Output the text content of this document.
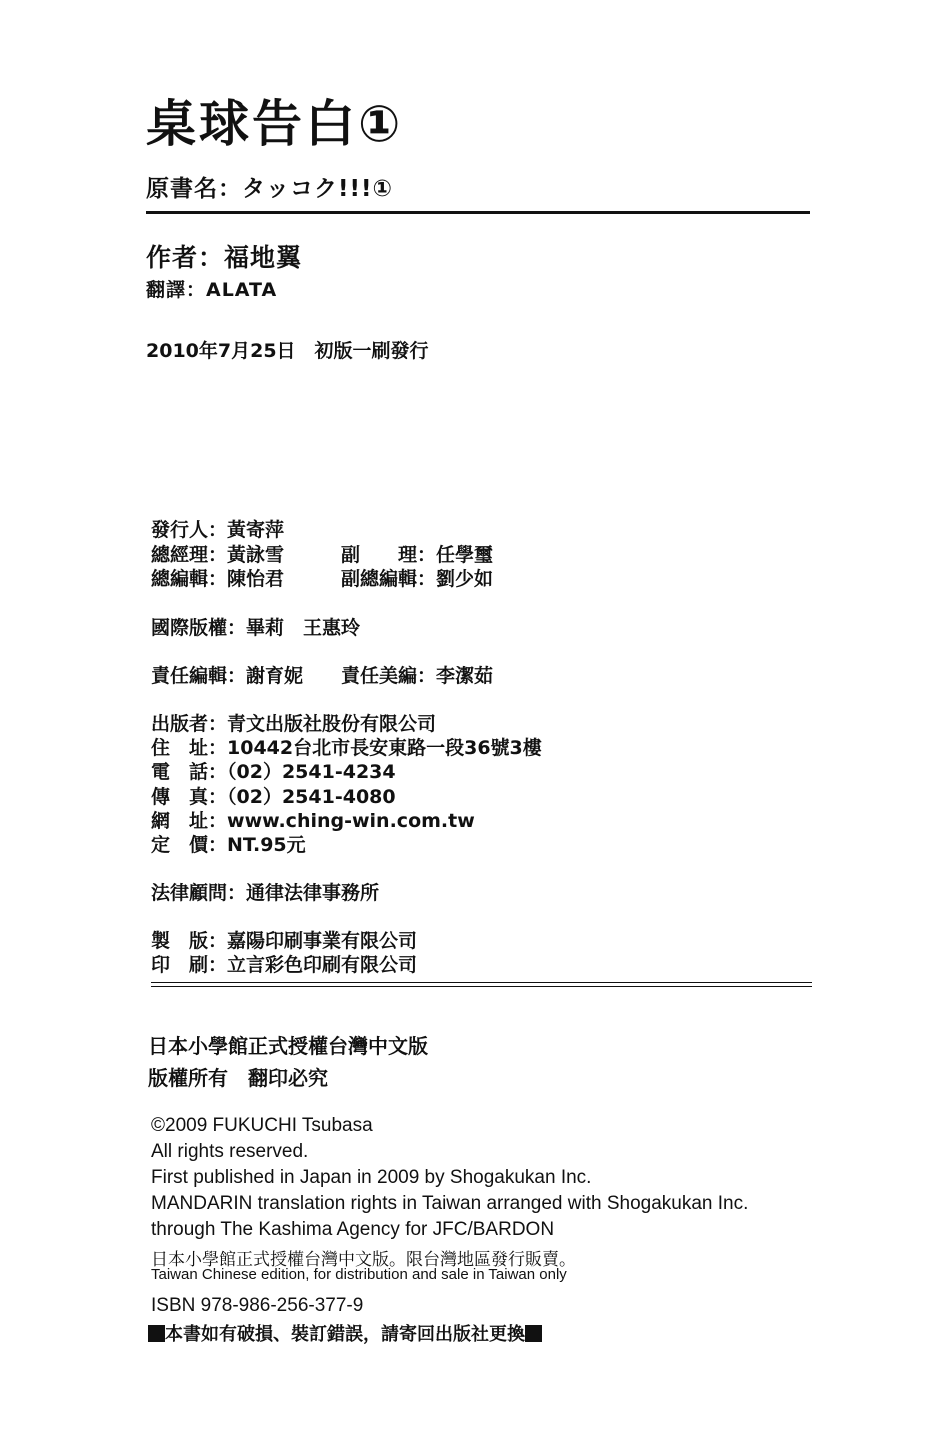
桌球告白①
原書名：タッコク!!!①
作者：福地翼
翻譯：ALATA
2010年7月25日　初版一刷發行
發行人：黃寄萍
總經理：黃詠雪	副　　理：任學璽
總編輯：陳怡君	副總編輯：劉少如
國際版權：畢莉　王惠玲
責任編輯：謝育妮 責任美編：李潔茹
出版者：青文出版社股份有限公司
住　址：10442台北市長安東路一段36號3樓
電　話：（02）2541-4234
傳　真：（02）2541-4080
網　址：www.ching-win.com.tw
定　價：NT.95元
法律顧問：通律法律事務所
製　版：嘉陽印刷事業有限公司
印　刷：立言彩色印刷有限公司
日本小學館正式授權台灣中文版
版權所有　翻印必究
©2009 FUKUCHI Tsubasa
All rights reserved.
First published in Japan in 2009 by Shogakukan Inc.
MANDARIN translation rights in Taiwan arranged with Shogakukan Inc.
through The Kashima Agency for JFC/BARDON
日本小學館正式授權台灣中文版。限台灣地區發行販賣。
Taiwan Chinese edition, for distribution and sale in Taiwan only
ISBN 978-986-256-377-9
本書如有破損、裝訂錯誤，請寄回出版社更換
